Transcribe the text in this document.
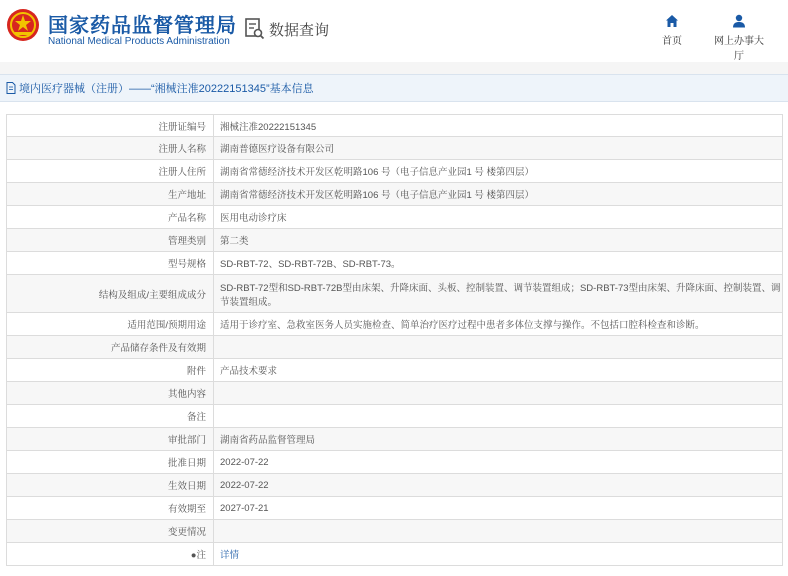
国家药品监督管理局
National Medical Products Administration
数据查询
首页	网上办事大厅
境内医疗器械（注册）——“湘械注准20222151345”基本信息
注册证编号	湘械注准20222151345
注册人名称	湖南普德医疗设备有限公司
注册人住所	湖南省常德经济技术开发区乾明路106 号（电子信息产业园1 号 楼第四层）
生产地址	湖南省常德经济技术开发区乾明路106 号（电子信息产业园1 号 楼第四层）
产品名称	医用电动诊疗床
管理类别	第二类
型号规格	SD-RBT-72、SD-RBT-72B、SD-RBT-73。
结构及组成/主要组成成分	SD-RBT-72型和SD-RBT-72B型由床架、升降床面、头板、控制装置、调节装置组成；SD-RBT-73型由床架、升降床面、控制装置、调节装置组成。
适用范围/预期用途	适用于诊疗室、急救室医务人员实施检查、简单治疗医疗过程中患者多体位支撑与操作。不包括口腔科检查和诊断。
产品储存条件及有效期	
附件	产品技术要求
其他内容	
备注	
审批部门	湖南省药品监督管理局
批准日期	2022-07-22
生效日期	2022-07-22
有效期至	2027-07-21
变更情况	
●注	详情
